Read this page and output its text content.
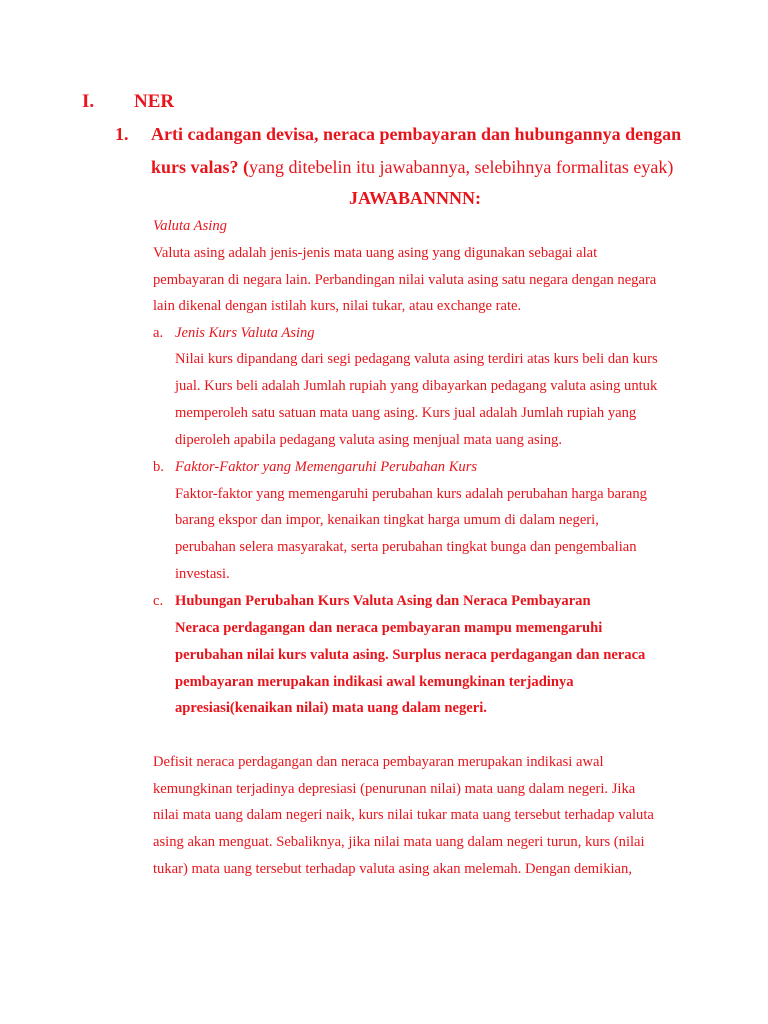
I. NER
1. Arti cadangan devisa, neraca pembayaran dan hubungannya dengan
kurs valas? (yang ditebelin itu jawabannya, selebihnya formalitas eyak)
JAWABANNNN:
Valuta Asing
Valuta asing adalah jenis-jenis mata uang asing yang digunakan sebagai alat
pembayaran di negara lain. Perbandingan nilai valuta asing satu negara dengan negara
lain dikenal dengan istilah kurs, nilai tukar, atau exchange rate.
a. Jenis Kurs Valuta Asing
Nilai kurs dipandang dari segi pedagang valuta asing terdiri atas kurs beli dan kurs
jual. Kurs beli adalah Jumlah rupiah yang dibayarkan pedagang valuta asing untuk
memperoleh satu satuan mata uang asing. Kurs jual adalah Jumlah rupiah yang
diperoleh apabila pedagang valuta asing menjual mata uang asing.
b. Faktor-Faktor yang Memengaruhi Perubahan Kurs
Faktor-faktor yang memengaruhi perubahan kurs adalah perubahan harga barang
barang ekspor dan impor, kenaikan tingkat harga umum di dalam negeri,
perubahan selera masyarakat, serta perubahan tingkat bunga dan pengembalian
investasi.
c. Hubungan Perubahan Kurs Valuta Asing dan Neraca Pembayaran
Neraca perdagangan dan neraca pembayaran mampu memengaruhi
perubahan nilai kurs valuta asing. Surplus neraca perdagangan dan neraca
pembayaran merupakan indikasi awal kemungkinan terjadinya
apresiasi(kenaikan nilai) mata uang dalam negeri.
Defisit neraca perdagangan dan neraca pembayaran merupakan indikasi awal
kemungkinan terjadinya depresiasi (penurunan nilai) mata uang dalam negeri. Jika
nilai mata uang dalam negeri naik, kurs nilai tukar mata uang tersebut terhadap valuta
asing akan menguat. Sebaliknya, jika nilai mata uang dalam negeri turun, kurs (nilai
tukar) mata uang tersebut terhadap valuta asing akan melemah. Dengan demikian,
